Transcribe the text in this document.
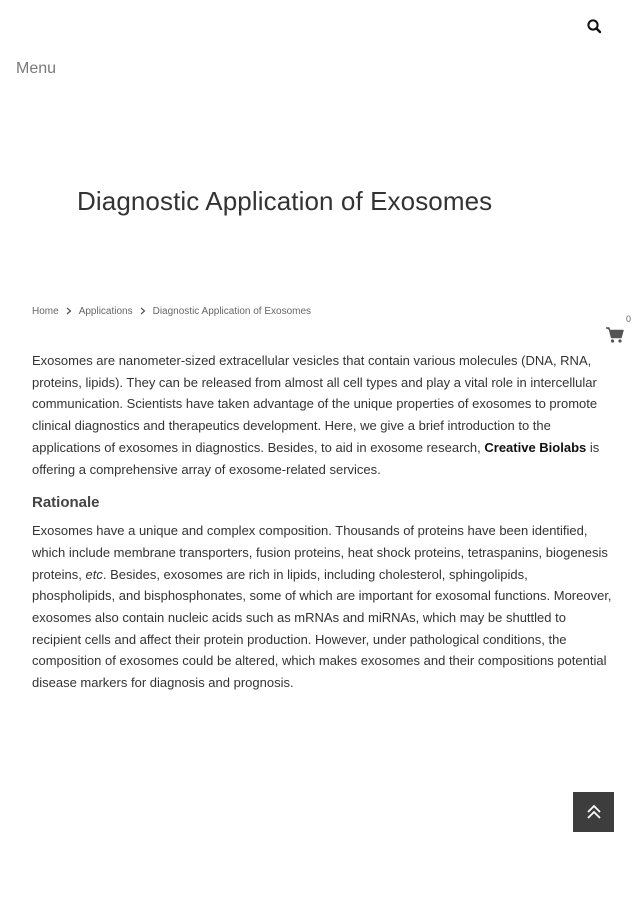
Menu
Diagnostic Application of Exosomes
Home Applications Diagnostic Application of Exosomes
0

Exosomes are nanometer-sized extracellular vesicles that contain various molecules (DNA, RNA, proteins, lipids). They can be released from almost all cell types and play a vital role in intercellular communication. Scientists have taken advantage of the unique properties of exosomes to promote clinical diagnostics and therapeutics development. Here, we give a brief introduction to the applications of exosomes in diagnostics. Besides, to aid in exosome research, Creative Biolabs is offering a comprehensive array of exosome-related services.

Rationale

Exosomes have a unique and complex composition. Thousands of proteins have been identified, which include membrane transporters, fusion proteins, heat shock proteins, tetraspanins, biogenesis proteins, etc. Besides, exosomes are rich in lipids, including cholesterol, sphingolipids, phospholipids, and bisphosphonates, some of which are important for exosomal functions. Moreover, exosomes also contain nucleic acids such as mRNAs and miRNAs, which may be shuttled to recipient cells and affect their protein production. However, under pathological conditions, the composition of exosomes could be altered, which makes exosomes and their compositions potential disease markers for diagnosis and prognosis.
